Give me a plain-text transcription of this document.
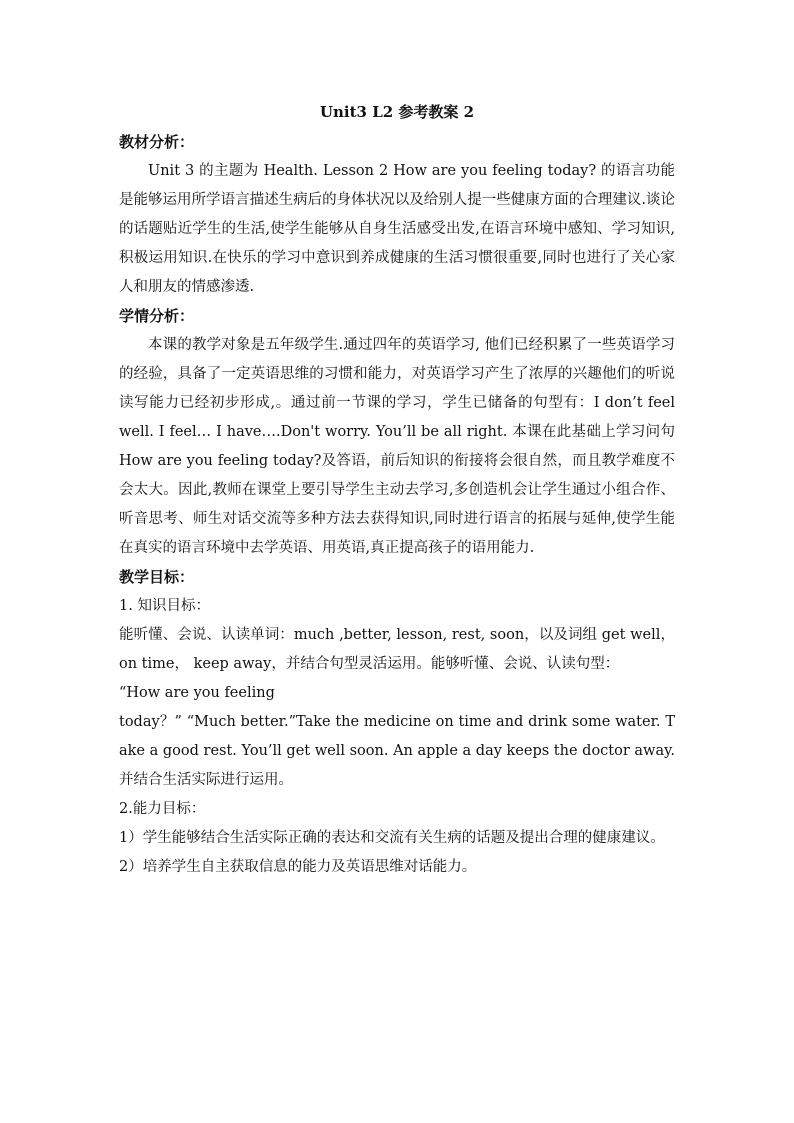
Unit3 L2 参考教案 2

教材分析：

Unit 3 的主题为 Health. Lesson 2 How are you feeling today? 的语言功能是能够运用所学语言描述生病后的身体状况以及给别人提一些健康方面的合理建议.谈论的话题贴近学生的生活,使学生能够从自身生活感受出发,在语言环境中感知、学习知识,积极运用知识.在快乐的学习中意识到养成健康的生活习惯很重要,同时也进行了关心家人和朋友的情感渗透.

学情分析：

本课的教学对象是五年级学生.通过四年的英语学习, 他们已经积累了一些英语学习的经验，具备了一定英语思维的习惯和能力，对英语学习产生了浓厚的兴趣他们的听说读写能力已经初步形成,。通过前一节课的学习，学生已储备的句型有：I don’t feel well. I feel… I have….Don't worry. You’ll be all right. 本课在此基础上学习问句 How are you feeling today?及答语，前后知识的衔接将会很自然，而且教学难度不会太大。因此,教师在课堂上要引导学生主动去学习,多创造机会让学生通过小组合作、听音思考、师生对话交流等多种方法去获得知识,同时进行语言的拓展与延伸,使学生能在真实的语言环境中去学英语、用英语,真正提高孩子的语用能力.

教学目标：

1. 知识目标：

能听懂、会说、认读单词：much ,better, lesson, rest, soon，以及词组 get well，on time， keep away，并结合句型灵活运用。能够听懂、会说、认读句型：

“How are you feeling

today？” “Much better.”Take the medicine on time and drink some water. Take a good rest. You’ll get well soon. An apple a day keeps the doctor away. 并结合生活实际进行运用。

2.能力目标：

1）学生能够结合生活实际正确的表达和交流有关生病的话题及提出合理的健康建议。

2）培养学生自主获取信息的能力及英语思维对话能力。
